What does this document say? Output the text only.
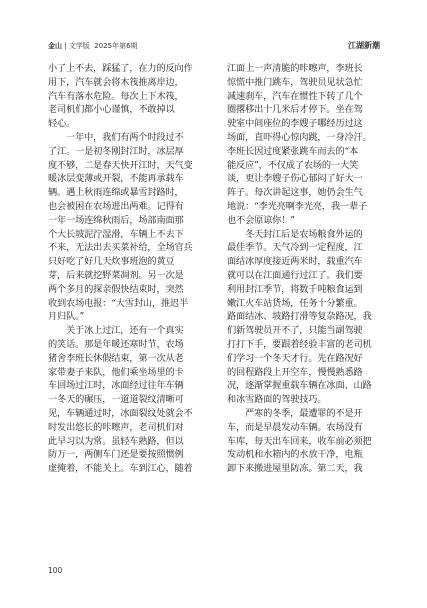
金山 | 文学版 2025年第6期	江湖新潮
小了上不去，踩猛了，在力的反向作
用下，汽车就会将木筏推离岸边，
汽车有落水危险。每次上下木筏，
老司机们都小心谨慎，不敢掉以
轻心。
一年中，我们有两个时段过不
了江。一是初冬刚封江时，冰层厚
度不够，二是春天快开江时，天气变
暖冰层变薄或开裂，不能再承载车
辆。遇上秋雨连绵或暴雪封路时，
也会被困在农场进出两难。记得有
一年一场连绵秋雨后，场部南面那
个大长坡泥泞湿滑，车辆上不去下
不来，无法出去买菜补给，全场官兵
只好吃了好几天炊事班泡的黄豆
芽，后来就挖野菜凋剂。另一次是
两个多月的探亲假快结束时，突然
收到农场电报：“大雪封山，推迟半
月归队。”
关于冰上过江，还有一个真实
的笑话。那是年暖还寒时节，农场
猪舍李班长休假结束，第一次从老
家带妻子来队，他们乘坐场里的卡
车回场过江时，冰面经过往年车辆
一冬天的碾压，一道道裂纹清晰可
见，车辆通过时，冰面裂纹处就会不
时发出悠长的咔嚓声，老司机们对
此早习以为常。虽轻车熟路，但以
防万一，两侧车门还是要按照惯例
虚掩着，不能关上。车到江心，随着
江面上一声清脆的咔嚓声，李班长
惊慌中推门跳车，驾驶员见状急忙
减速刹车，汽车在惯性下转了几个
圈撂移出十几米后才停下。坐在驾
驶室中间座位的李嫂子哪经历过这
场面，直吓得心惊肉跳，一身冷汗。
李班长因过度紧张跳车而去的“本
能反应”，不仅成了农场的一大笑
谈，更让李嫂子伤心郁闷了好大一
阵子。每次讲起这事，她仍会生气
地说：“李光亮啊李光亮，我一辈子
也不会原谅你！”
冬天封江后是农场粮食外运的
最佳季节。天气冷到一定程度，江
面结冰厚度接近两米时，载重汽车
就可以在江面通行过江了。我们要
利用封江季节，将数千吨粮食运到
嫩江火车站货场，任务十分繁重。
路面结冰、坡路打滑等复杂路况，我
们新驾驶员开不了，只能当副驾驶
打打下手，要跟着经验丰富的老司机
们学习一个冬天才行。先在路况好
的回程路段上开空车，慢慢熟悉路
况，逐渐掌握重载车辆在冰面、山路
和冰雪路面的驾驶技巧。
严寒的冬季，最遭罪的不是开
车，而是早晨发动车辆。农场没有
车库，每天出车回来，收车前必须把
发动机和水箱内的水放干净，电瓶
卸下来搬进屋里防冻。第二天，我
100
